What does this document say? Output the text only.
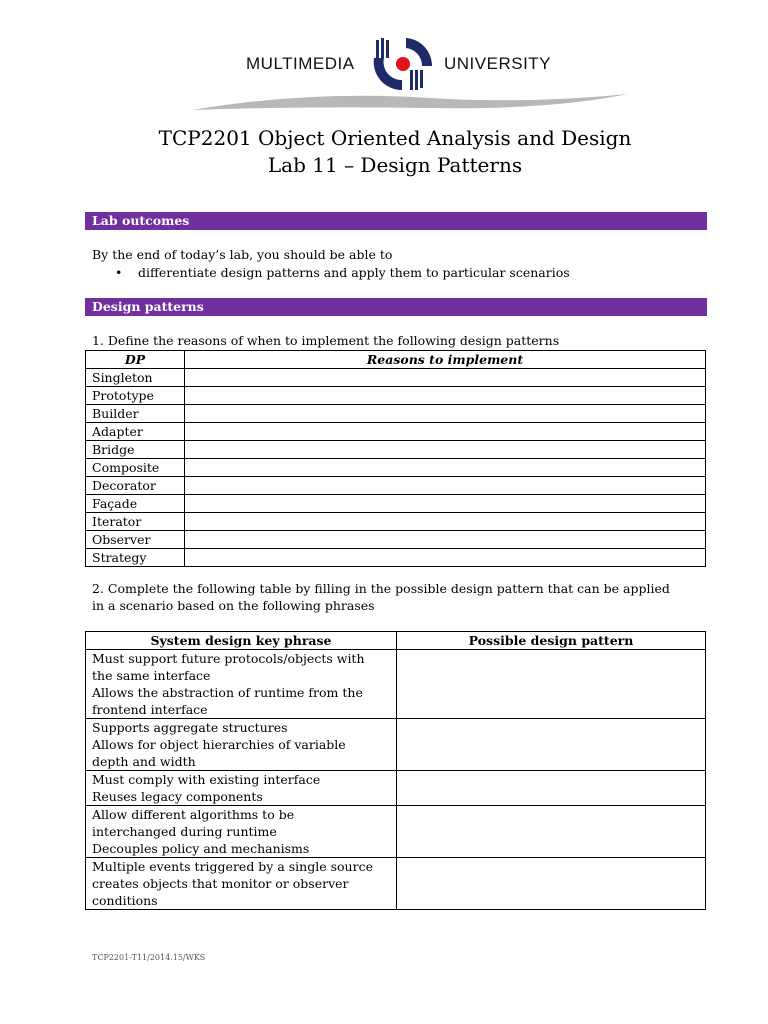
MULTIMEDIA	UNIVERSITY
TCP2201 Object Oriented Analysis and Design
Lab 11 – Design Patterns
Lab outcomes
By the end of today’s lab, you should be able to
• differentiate design patterns and apply them to particular scenarios
Design patterns
1. Define the reasons of when to implement the following design patterns
DP	Reasons to implement
Singleton	
Prototype	
Builder	
Adapter	
Bridge	
Composite	
Decorator	
Façade	
Iterator	
Observer	
Strategy	
2. Complete the following table by filling in the possible design pattern that can be applied
in a scenario based on the following phrases
System design key phrase	Possible design pattern

Must support future protocols/objects with
the same interface
Allows the abstraction of runtime from the
frontend interface	

Supports aggregate structures
Allows for object hierarchies of variable
depth and width	

Must comply with existing interface
Reuses legacy components	

Allow different algorithms to be
interchanged during runtime
Decouples policy and mechanisms	

Multiple events triggered by a single source
creates objects that monitor or observer
conditions	

TCP2201-T11/2014.15/WKS
